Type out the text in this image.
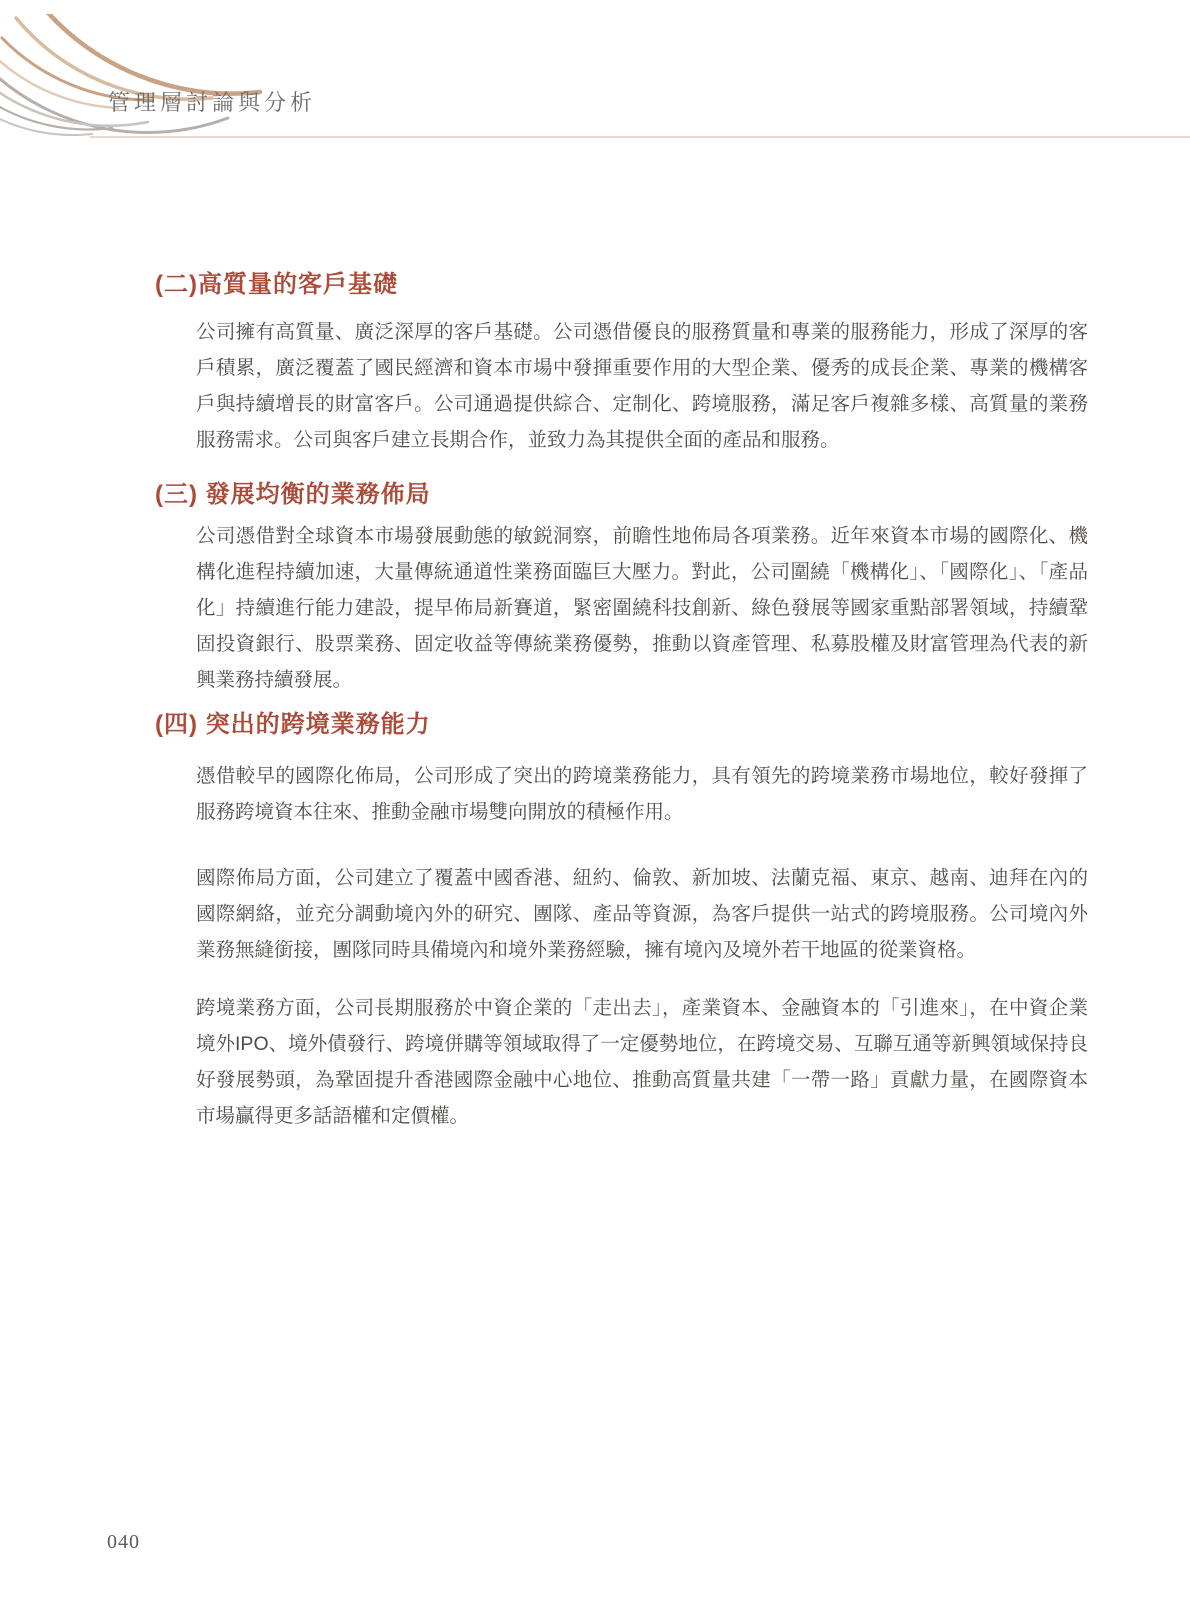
管理層討論與分析
(二)高質量的客戶基礎

公司擁有高質量、廣泛深厚的客戶基礎。公司憑借優良的服務質量和專業的服務能力，形成了深厚的客戶積累，廣泛覆蓋了國民經濟和資本市場中發揮重要作用的大型企業、優秀的成長企業、專業的機構客戶與持續增長的財富客戶。公司通過提供綜合、定制化、跨境服務，滿足客戶複雜多樣、高質量的業務服務需求。公司與客戶建立長期合作，並致力為其提供全面的產品和服務。

(三) 發展均衡的業務佈局

公司憑借對全球資本市場發展動態的敏鋭洞察，前瞻性地佈局各項業務。近年來資本市場的國際化、機構化進程持續加速，大量傳統通道性業務面臨巨大壓力。對此，公司圍繞「機構化」、「國際化」、「產品化」持續進行能力建設，提早佈局新賽道，緊密圍繞科技創新、綠色發展等國家重點部署領域，持續鞏固投資銀行、股票業務、固定收益等傳統業務優勢，推動以資產管理、私募股權及財富管理為代表的新興業務持續發展。

(四) 突出的跨境業務能力

憑借較早的國際化佈局，公司形成了突出的跨境業務能力，具有領先的跨境業務市場地位，較好發揮了服務跨境資本往來、推動金融市場雙向開放的積極作用。

國際佈局方面，公司建立了覆蓋中國香港、紐約、倫敦、新加坡、法蘭克福、東京、越南、迪拜在內的國際網絡，並充分調動境內外的研究、團隊、產品等資源，為客戶提供一站式的跨境服務。公司境內外業務無縫銜接，團隊同時具備境內和境外業務經驗，擁有境內及境外若干地區的從業資格。

跨境業務方面，公司長期服務於中資企業的「走出去」，產業資本、金融資本的「引進來」，在中資企業境外IPO、境外債發行、跨境併購等領域取得了一定優勢地位，在跨境交易、互聯互通等新興領域保持良好發展勢頭，為鞏固提升香港國際金融中心地位、推動高質量共建「一帶一路」貢獻力量，在國際資本市場贏得更多話語權和定價權。

040
